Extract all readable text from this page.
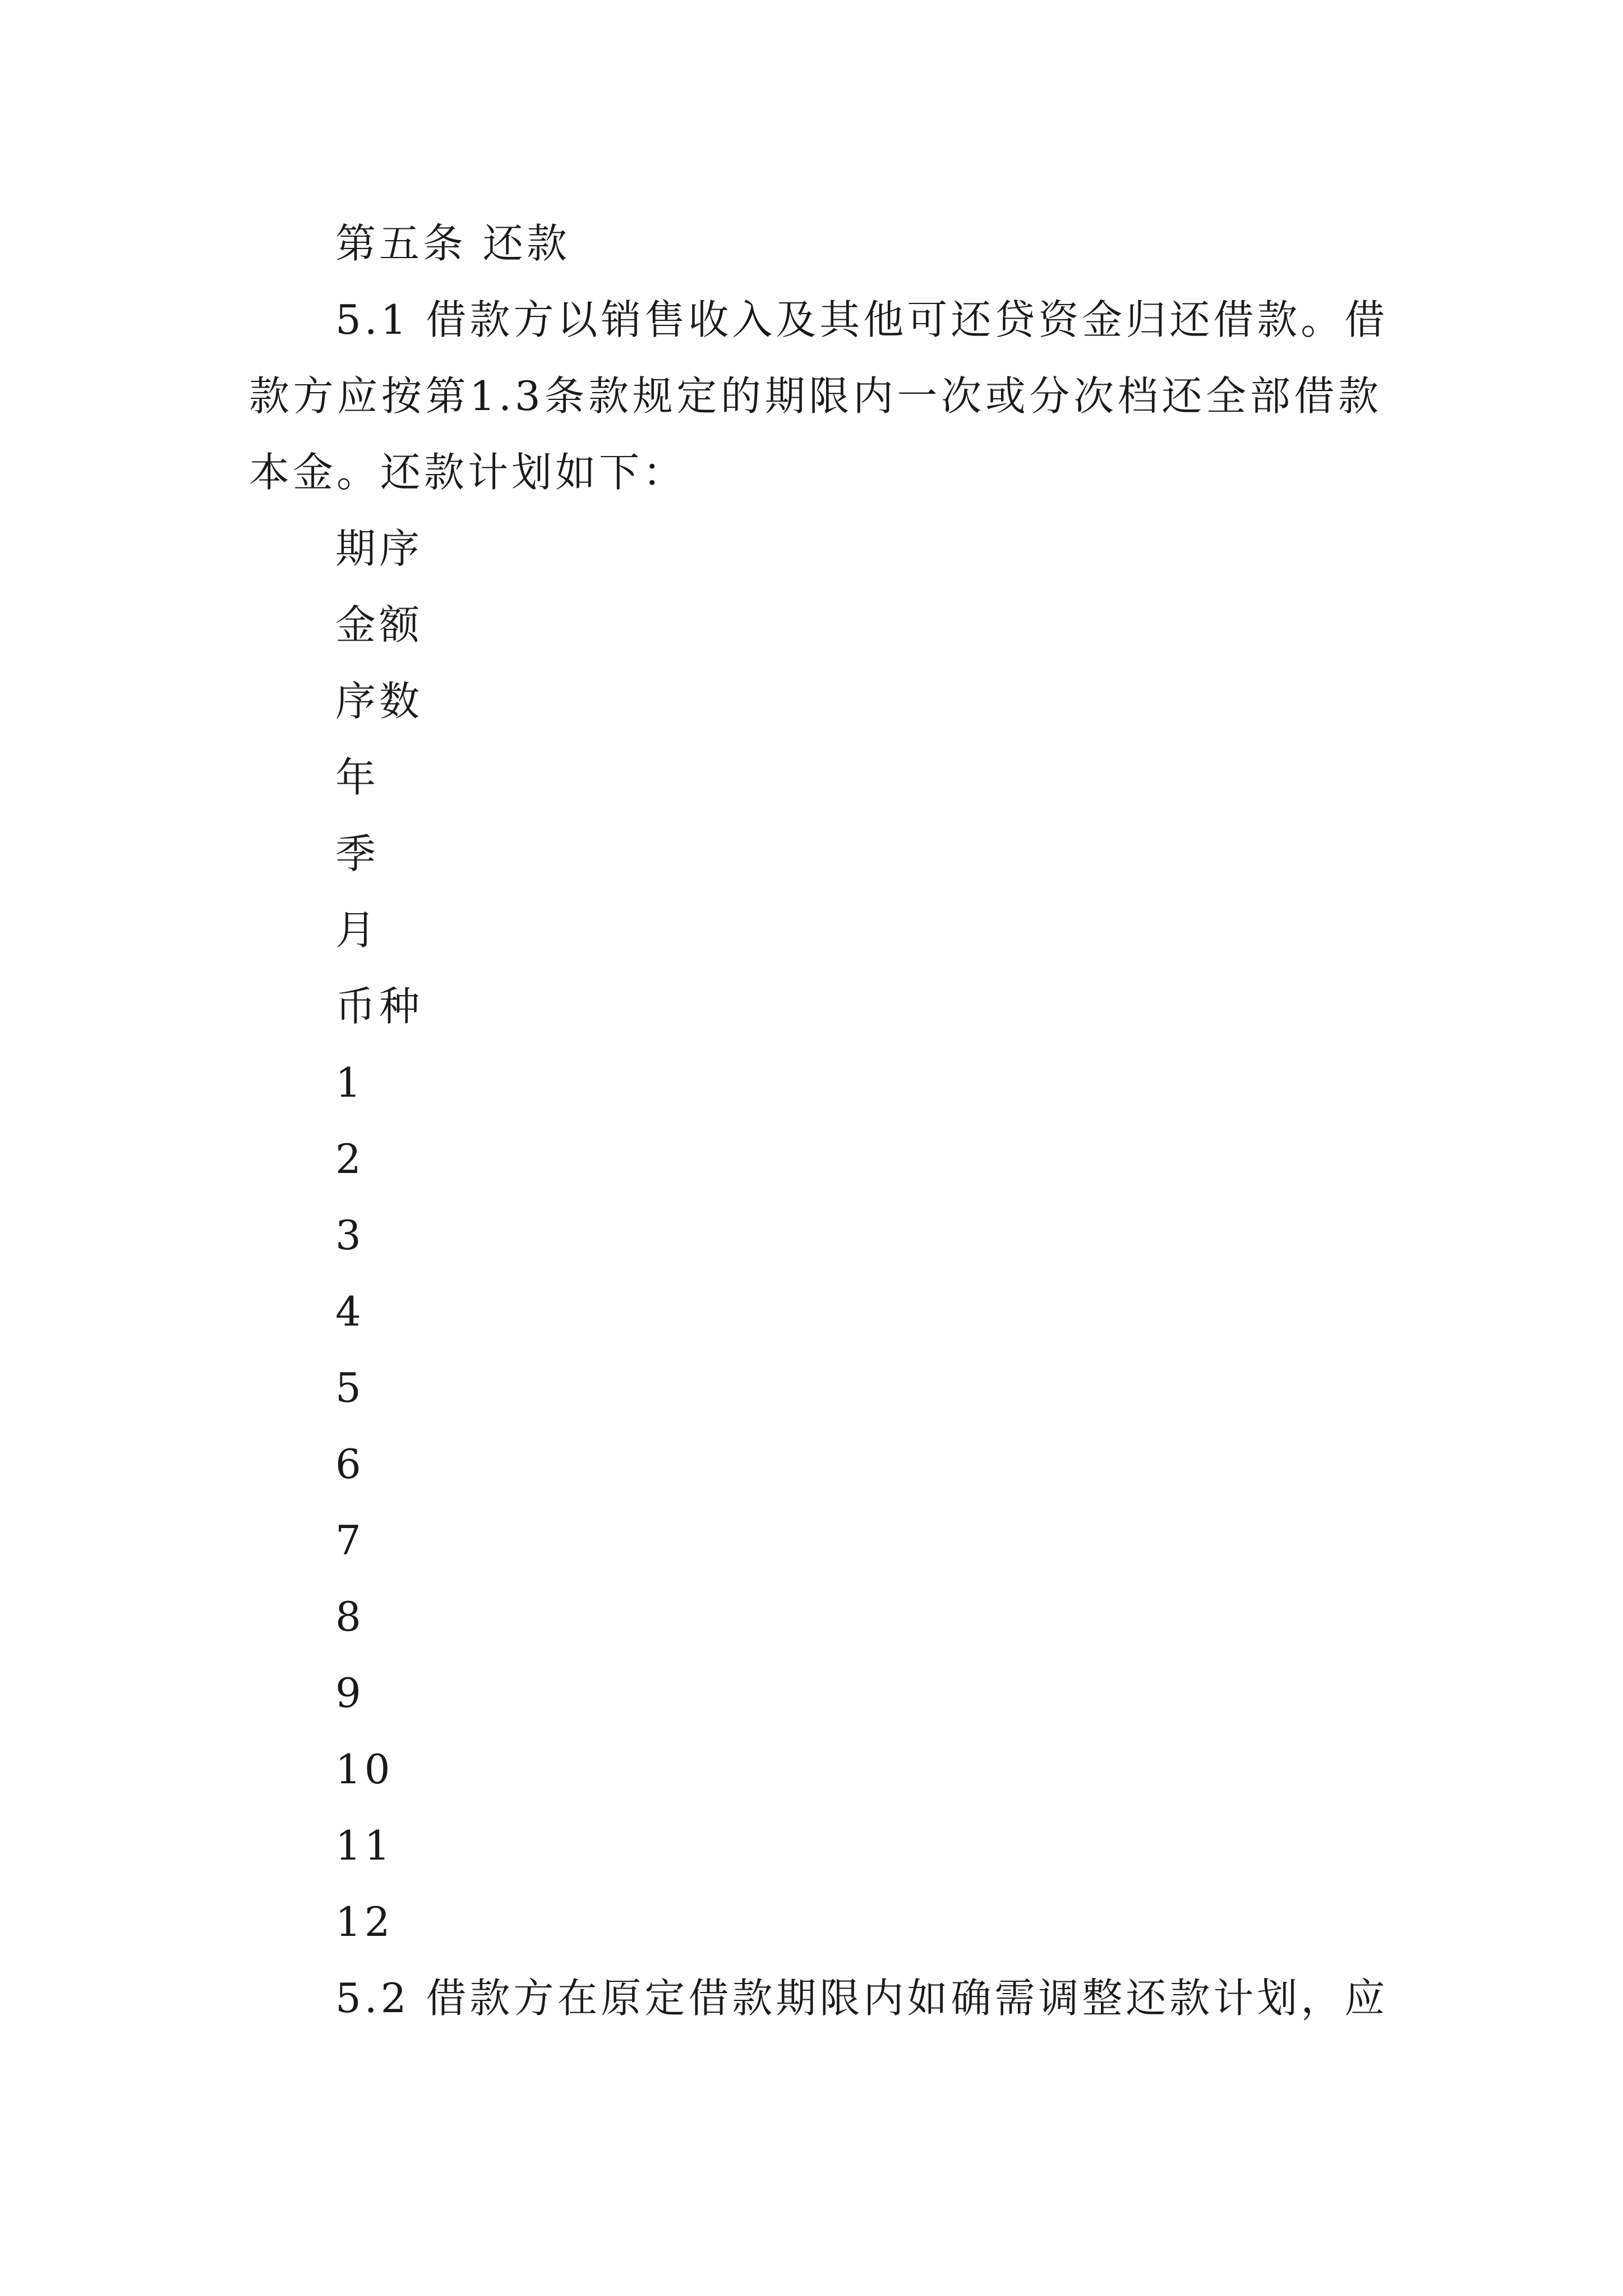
第五条 还款
5.1 借款方以销售收入及其他可还贷资金归还借款。借
款方应按第1.3条款规定的期限内一次或分次档还全部借款
本金。还款计划如下：
期序
金额
序数
年
季
月
币种
1
2
3
4
5
6
7
8
9
10
11
12
5.2 借款方在原定借款期限内如确需调整还款计划，应
